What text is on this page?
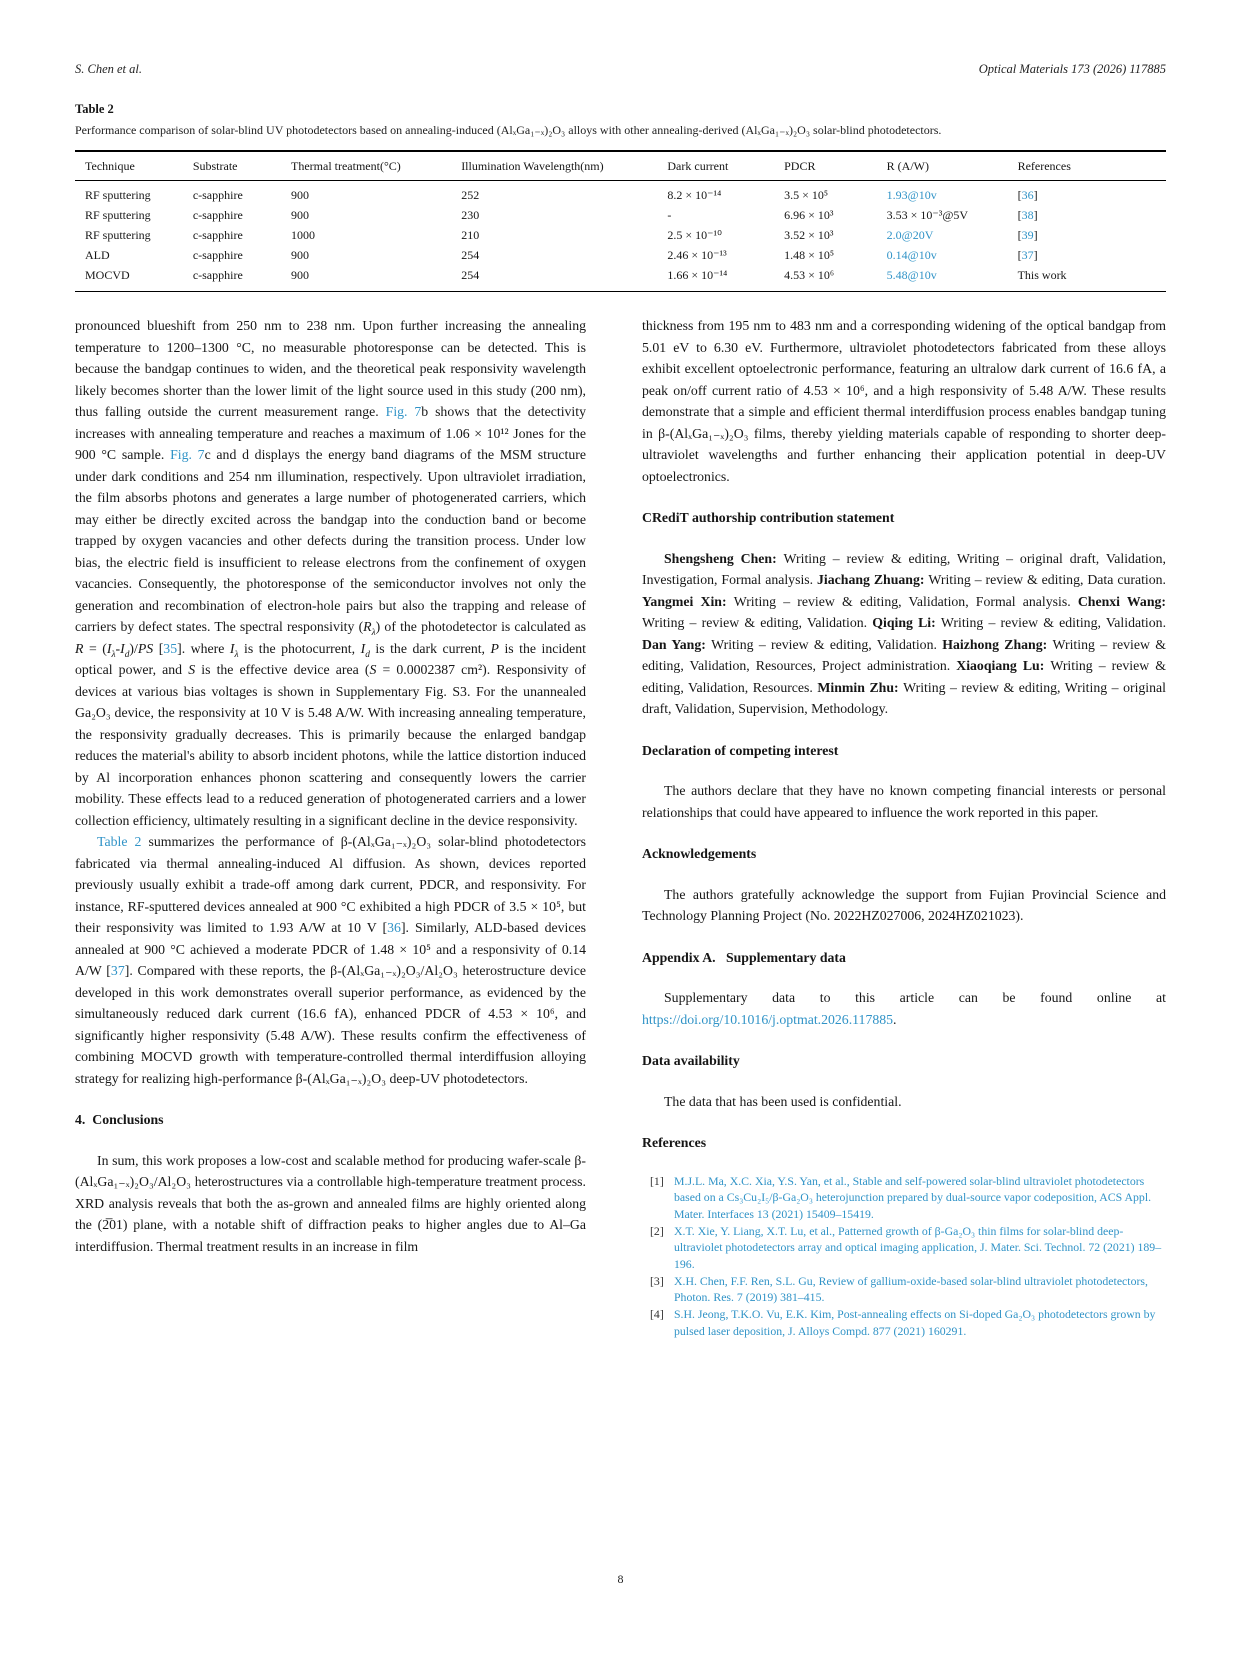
S. Chen et al.	Optical Materials 173 (2026) 117885
Table 2
Performance comparison of solar-blind UV photodetectors based on annealing-induced (AlₓGa₁₋ₓ)₂O₃ alloys with other annealing-derived (AlₓGa₁₋ₓ)₂O₃ solar-blind photodetectors.
Technique	Substrate	Thermal treatment(°C)	Illumination Wavelength(nm)	Dark current	PDCR	R (A/W)	References
RF sputtering	c-sapphire	900	252	8.2 × 10⁻¹⁴	3.5 × 10⁵	1.93@10v	[36]
RF sputtering	c-sapphire	900	230	-	6.96 × 10³	3.53 × 10⁻³@5V	[38]
RF sputtering	c-sapphire	1000	210	2.5 × 10⁻¹⁰	3.52 × 10³	2.0@20V	[39]
ALD	c-sapphire	900	254	2.46 × 10⁻¹³	1.48 × 10⁵	0.14@10v	[37]
MOCVD	c-sapphire	900	254	1.66 × 10⁻¹⁴	4.53 × 10⁶	5.48@10v	This work

pronounced blueshift from 250 nm to 238 nm. Upon further increasing the annealing temperature to 1200–1300 °C, no measurable photoresponse can be detected. This is because the bandgap continues to widen, and the theoretical peak responsivity wavelength likely becomes shorter than the lower limit of the light source used in this study (200 nm), thus falling outside the current measurement range. Fig. 7b shows that the detectivity increases with annealing temperature and reaches a maximum of 1.06 × 10¹² Jones for the 900 °C sample. Fig. 7c and d displays the energy band diagrams of the MSM structure under dark conditions and 254 nm illumination, respectively. Upon ultraviolet irradiation, the film absorbs photons and generates a large number of photogenerated carriers, which may either be directly excited across the bandgap into the conduction band or become trapped by oxygen vacancies and other defects during the transition process. Under low bias, the electric field is insufficient to release electrons from the confinement of oxygen vacancies. Consequently, the photoresponse of the semiconductor involves not only the generation and recombination of electron-hole pairs but also the trapping and release of carriers by defect states. The spectral responsivity $(R_\lambda)$ of the photodetector is calculated as $R = (I_\lambda-I_d)/PS$ [35]. where $I_\lambda$ is the photocurrent, $I_d$ is the dark current, P is the incident optical power, and S is the effective device area (S = 0.0002387 cm²). Responsivity of devices at various bias voltages is shown in Supplementary Fig. S3. For the unannealed Ga₂O₃ device, the responsivity at 10 V is 5.48 A/W. With increasing annealing temperature, the responsivity gradually decreases. This is primarily because the enlarged bandgap reduces the material's ability to absorb incident photons, while the lattice distortion induced by Al incorporation enhances phonon scattering and consequently lowers the carrier mobility. These effects lead to a reduced generation of photogenerated carriers and a lower collection efficiency, ultimately resulting in a significant decline in the device responsivity.

Table 2 summarizes the performance of β-(AlₓGa₁₋ₓ)₂O₃ solar-blind photodetectors fabricated via thermal annealing-induced Al diffusion. As shown, devices reported previously usually exhibit a trade-off among dark current, PDCR, and responsivity. For instance, RF-sputtered devices annealed at 900 °C exhibited a high PDCR of 3.5 × 10⁵, but their responsivity was limited to 1.93 A/W at 10 V [36]. Similarly, ALD-based devices annealed at 900 °C achieved a moderate PDCR of 1.48 × 10⁵ and a responsivity of 0.14 A/W [37]. Compared with these reports, the β-(AlₓGa₁₋ₓ)₂O₃/Al₂O₃ heterostructure device developed in this work demonstrates overall superior performance, as evidenced by the simultaneously reduced dark current (16.6 fA), enhanced PDCR of 4.53 × 10⁶, and significantly higher responsivity (5.48 A/W). These results confirm the effectiveness of combining MOCVD growth with temperature-controlled thermal interdiffusion alloying strategy for realizing high-performance β-(AlₓGa₁₋ₓ)₂O₃ deep-UV photodetectors.

4. Conclusions

In sum, this work proposes a low-cost and scalable method for producing wafer-scale β-(AlₓGa₁₋ₓ)₂O₃/Al₂O₃ heterostructures via a controllable high-temperature treatment process. XRD analysis reveals that both the as-grown and annealed films are highly oriented along the (2̅01) plane, with a notable shift of diffraction peaks to higher angles due to Al–Ga interdiffusion. Thermal treatment results in an increase in film

thickness from 195 nm to 483 nm and a corresponding widening of the optical bandgap from 5.01 eV to 6.30 eV. Furthermore, ultraviolet photodetectors fabricated from these alloys exhibit excellent optoelectronic performance, featuring an ultralow dark current of 16.6 fA, a peak on/off current ratio of 4.53 × 10⁶, and a high responsivity of 5.48 A/W. These results demonstrate that a simple and efficient thermal interdiffusion process enables bandgap tuning in β-(AlₓGa₁₋ₓ)₂O₃ films, thereby yielding materials capable of responding to shorter deep-ultraviolet wavelengths and further enhancing their application potential in deep-UV optoelectronics.

CRediT authorship contribution statement

Shengsheng Chen: Writing – review & editing, Writing – original draft, Validation, Investigation, Formal analysis. Jiachang Zhuang: Writing – review & editing, Data curation. Yangmei Xin: Writing – review & editing, Validation, Formal analysis. Chenxi Wang: Writing – review & editing, Validation. Qiqing Li: Writing – review & editing, Validation. Dan Yang: Writing – review & editing, Validation. Haizhong Zhang: Writing – review & editing, Validation, Resources, Project administration. Xiaoqiang Lu: Writing – review & editing, Validation, Resources. Minmin Zhu: Writing – review & editing, Writing – original draft, Validation, Supervision, Methodology.

Declaration of competing interest

The authors declare that they have no known competing financial interests or personal relationships that could have appeared to influence the work reported in this paper.

Acknowledgements

The authors gratefully acknowledge the support from Fujian Provincial Science and Technology Planning Project (No. 2022HZ027006, 2024HZ021023).

Appendix A.  Supplementary data

Supplementary data to this article can be found online at https://doi.org/10.1016/j.optmat.2026.117885.

Data availability

The data that has been used is confidential.

References
[1] M.J.L. Ma, X.C. Xia, Y.S. Yan, et al., Stable and self-powered solar-blind ultraviolet photodetectors based on a Cs₃Cu₂I₅/β-Ga₂O₃ heterojunction prepared by dual-source vapor codeposition, ACS Appl. Mater. Interfaces 13 (2021) 15409–15419.
[2] X.T. Xie, Y. Liang, X.T. Lu, et al., Patterned growth of β-Ga₂O₃ thin films for solar-blind deep-ultraviolet photodetectors array and optical imaging application, J. Mater. Sci. Technol. 72 (2021) 189–196.
[3] X.H. Chen, F.F. Ren, S.L. Gu, Review of gallium-oxide-based solar-blind ultraviolet photodetectors, Photon. Res. 7 (2019) 381–415.
[4] S.H. Jeong, T.K.O. Vu, E.K. Kim, Post-annealing effects on Si-doped Ga₂O₃ photodetectors grown by pulsed laser deposition, J. Alloys Compd. 877 (2021) 160291.
8
